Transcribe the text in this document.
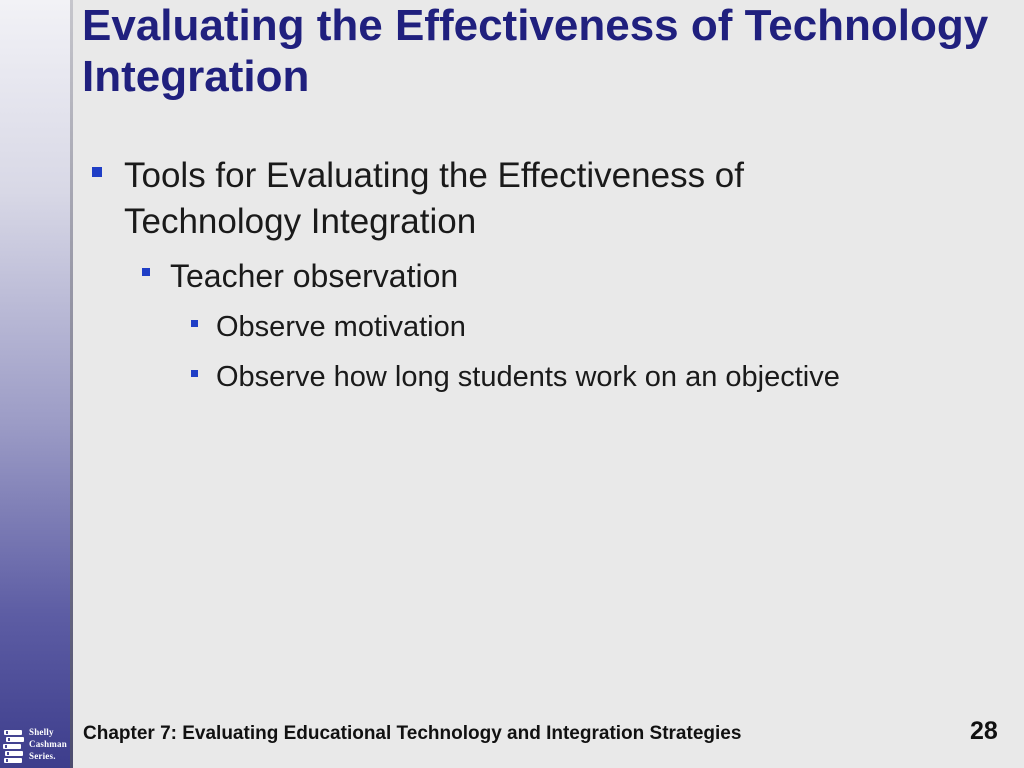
Evaluating the Effectiveness of Technology Integration
Tools for Evaluating the Effectiveness of Technology Integration
Teacher observation
Observe motivation
Observe how long students work on an objective
Shelly
Cashman
Series.
Chapter 7: Evaluating Educational Technology and Integration Strategies	28
